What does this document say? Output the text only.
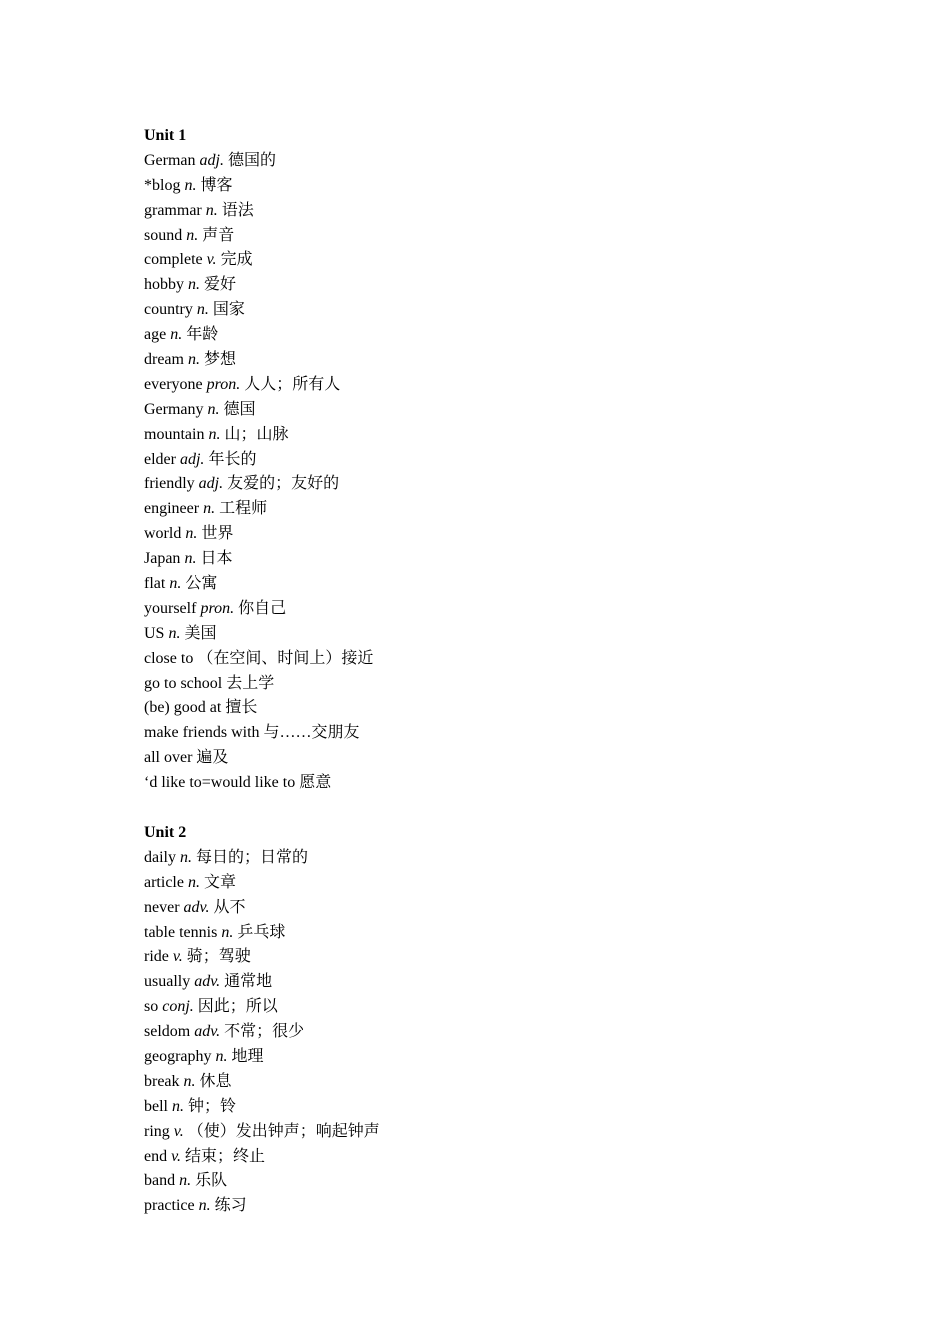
Unit 1
German adj. 德国的
*blog n. 博客
grammar n. 语法
sound n. 声音
complete v. 完成
hobby n. 爱好
country n. 国家
age n. 年龄
dream n. 梦想
everyone pron. 人人；所有人
Germany n. 德国
mountain n. 山；山脉
elder adj. 年长的
friendly adj. 友爱的；友好的
engineer n. 工程师
world n. 世界
Japan n. 日本
flat n. 公寓
yourself pron. 你自己
US n. 美国
close to （在空间、时间上）接近
go to school 去上学
(be) good at 擅长
make friends with 与……交朋友
all over 遍及
‘d like to=would like to 愿意
Unit 2
daily n. 每日的；日常的
article n. 文章
never adv. 从不
table tennis n. 乒乓球
ride v. 骑；驾驶
usually adv. 通常地
so conj. 因此；所以
seldom adv. 不常；很少
geography n. 地理
break n. 休息
bell n. 钟；铃
ring v. （使）发出钟声；响起钟声
end v. 结束；终止
band n. 乐队
practice n. 练习
